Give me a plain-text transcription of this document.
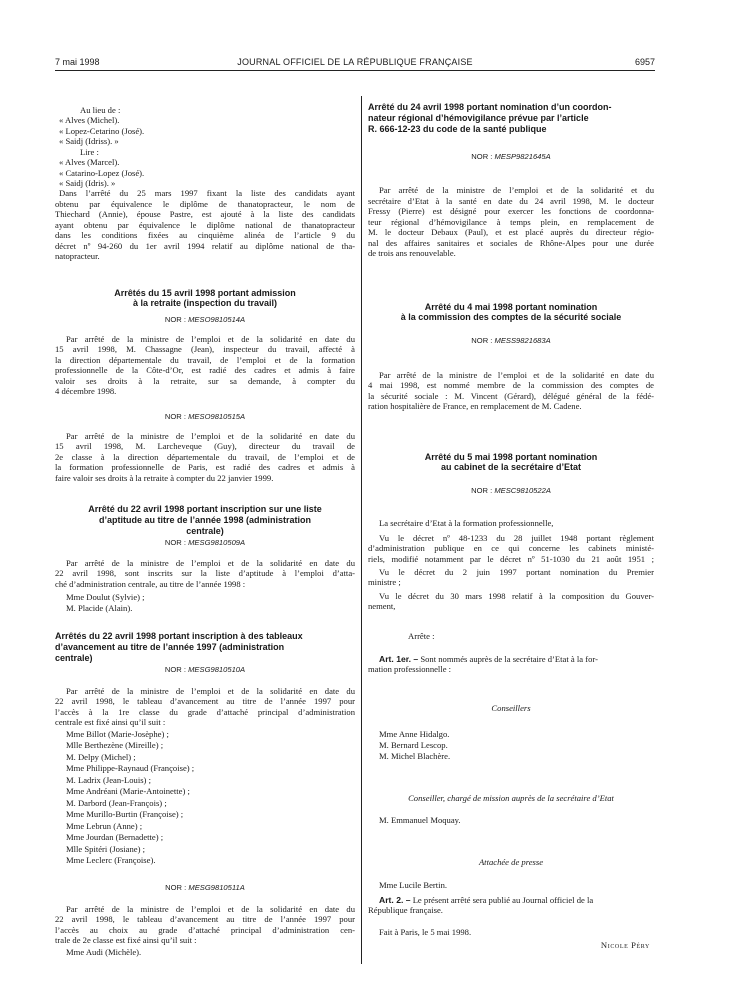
7 mai 1998	JOURNAL OFFICIEL DE LA RÉPUBLIQUE FRANÇAISE	6957
Au lieu de :
« Alves (Michel).
« Lopez-Cetarino (José).
« Saidj (Idriss). »
Lire :
« Alves (Marcel).
« Catarino-Lopez (José).
« Saidj (Idris). »
Dans l’arrêté du 25 mars 1997 fixant la liste des candidats ayant
obtenu par équivalence le diplôme de thanatopracteur, le nom de
Thiechard (Annie), épouse Pastre, est ajouté à la liste des candidats
ayant obtenu par équivalence le diplôme national de thanatopracteur
dans les conditions fixées au cinquième alinéa de l’article 9 du
décret nº 94-260 du 1er avril 1994 relatif au diplôme national de tha-
natopracteur.
Arrêtés du 15 avril 1998 portant admission
à la retraite (inspection du travail)
NOR : MESO9810514A
Par arrêté de la ministre de l’emploi et de la solidarité en date du
15 avril 1998, M. Chassagne (Jean), inspecteur du travail, affecté à
la direction départementale du travail, de l’emploi et de la formation
professionnelle de la Côte-d’Or, est radié des cadres et admis à faire
valoir ses droits à la retraite, sur sa demande, à compter du
4 décembre 1998.
NOR : MESO9810515A
Par arrêté de la ministre de l’emploi et de la solidarité en date du
15 avril 1998, M. Larcheveque (Guy), directeur du travail de
2e classe à la direction départementale du travail, de l’emploi et de
la formation professionnelle de Paris, est radié des cadres et admis à
faire valoir ses droits à la retraite à compter du 22 janvier 1999.
Arrêté du 22 avril 1998 portant inscription sur une liste
d’aptitude au titre de l’année 1998 (administration
centrale)
NOR : MESG9810509A
Par arrêté de la ministre de l’emploi et de la solidarité en date du
22 avril 1998, sont inscrits sur la liste d’aptitude à l’emploi d’atta-
ché d’administration centrale, au titre de l’année 1998 :
Mme Doulut (Sylvie) ;
M. Placide (Alain).
Arrêtés du 22 avril 1998 portant inscription à des tableaux
d’avancement au titre de l’année 1997 (administration
centrale)
NOR : MESG9810510A
Par arrêté de la ministre de l’emploi et de la solidarité en date du
22 avril 1998, le tableau d’avancement au titre de l’année 1997 pour
l’accès à la 1re classe du grade d’attaché principal d’administration
centrale est fixé ainsi qu’il suit :
Mme Billot (Marie-Josèphe) ;
Mlle Berthezène (Mireille) ;
M. Delpy (Michel) ;
Mme Philippe-Raynaud (Françoise) ;
M. Ladrix (Jean-Louis) ;
Mme Andréani (Marie-Antoinette) ;
M. Darbord (Jean-François) ;
Mme Murillo-Burtin (Françoise) ;
Mme Lebrun (Anne) ;
Mme Jourdan (Bernadette) ;
Mlle Spitéri (Josiane) ;
Mme Leclerc (Françoise).
NOR : MESG9810511A
Par arrêté de la ministre de l’emploi et de la solidarité en date du
22 avril 1998, le tableau d’avancement au titre de l’année 1997 pour
l’accès au choix au grade d’attaché principal d’administration cen-
trale de 2e classe est fixé ainsi qu’il suit :
Mme Audi (Michèle).
Arrêté du 24 avril 1998 portant nomination d’un coordon-
nateur régional d’hémovigilance prévue par l’article
R. 666-12-23 du code de la santé publique
NOR : MESP9821645A
Par arrêté de la ministre de l’emploi et de la solidarité et du
secrétaire d’Etat à la santé en date du 24 avril 1998, M. le docteur
Fressy (Pierre) est désigné pour exercer les fonctions de coordonna-
teur régional d’hémovigilance à temps plein, en remplacement de
M. le docteur Debaux (Paul), et est placé auprès du directeur régio-
nal des affaires sanitaires et sociales de Rhône-Alpes pour une durée
de trois ans renouvelable.
Arrêté du 4 mai 1998 portant nomination
à la commission des comptes de la sécurité sociale
NOR : MESS9821683A
Par arrêté de la ministre de l’emploi et de la solidarité en date du
4 mai 1998, est nommé membre de la commission des comptes de
la sécurité sociale : M. Vincent (Gérard), délégué général de la fédé-
ration hospitalière de France, en remplacement de M. Cadene.
Arrêté du 5 mai 1998 portant nomination
au cabinet de la secrétaire d’Etat
NOR : MESC9810522A
La secrétaire d’Etat à la formation professionnelle,
Vu le décret nº 48-1233 du 28 juillet 1948 portant règlement
d’administration publique en ce qui concerne les cabinets ministé-
riels, modifié notamment par le décret nº 51-1030 du 21 août 1951 ;
Vu le décret du 2 juin 1997 portant nomination du Premier
ministre ;
Vu le décret du 30 mars 1998 relatif à la composition du Gouver-
nement,
Arrête :
Art. 1er. – Sont nommés auprès de la secrétaire d’Etat à la for-
mation professionnelle :
Conseillers
Mme Anne Hidalgo.
M. Bernard Lescop.
M. Michel Blachère.
Conseiller, chargé de mission auprès de la secrétaire d’Etat
M. Emmanuel Moquay.
Attachée de presse
Mme Lucile Bertin.
Art. 2. – Le présent arrêté sera publié au Journal officiel de la
République française.
Fait à Paris, le 5 mai 1998.
Nicole Péry
